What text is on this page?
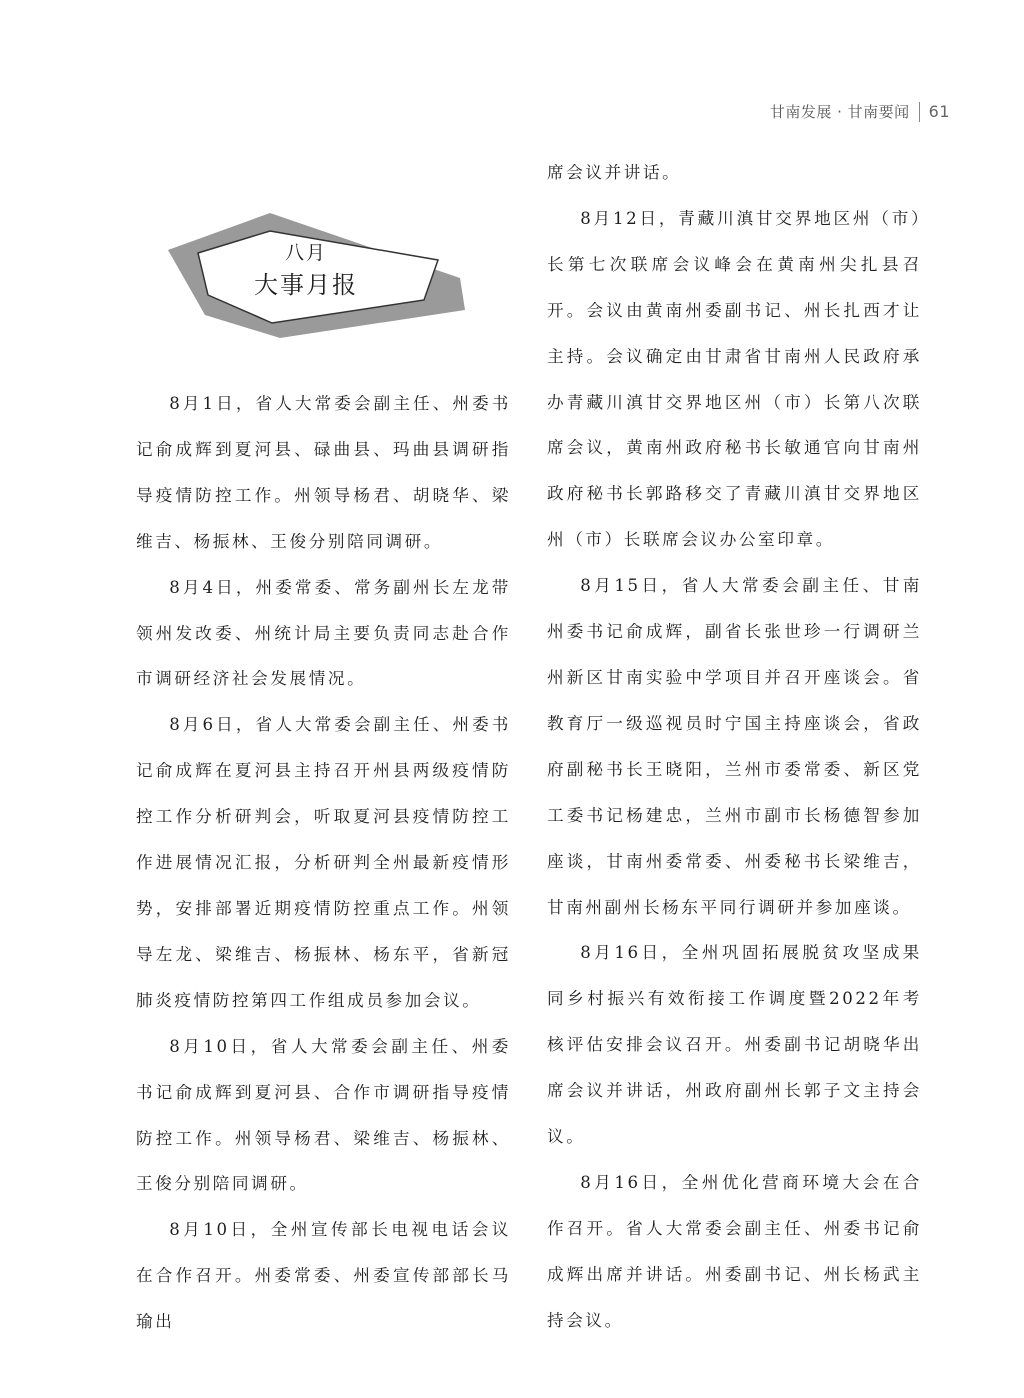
甘南发展 · 甘南要闻 61
八月
大事月报

8月1日，省人大常委会副主任、州委书记俞成辉到夏河县、碌曲县、玛曲县调研指导疫情防控工作。州领导杨君、胡晓华、梁维吉、杨振林、王俊分别陪同调研。

8月4日，州委常委、常务副州长左龙带领州发改委、州统计局主要负责同志赴合作市调研经济社会发展情况。

8月6日，省人大常委会副主任、州委书记俞成辉在夏河县主持召开州县两级疫情防控工作分析研判会，听取夏河县疫情防控工作进展情况汇报，分析研判全州最新疫情形势，安排部署近期疫情防控重点工作。州领导左龙、梁维吉、杨振林、杨东平，省新冠肺炎疫情防控第四工作组成员参加会议。

8月10日，省人大常委会副主任、州委书记俞成辉到夏河县、合作市调研指导疫情防控工作。州领导杨君、梁维吉、杨振林、王俊分别陪同调研。

8月10日，全州宣传部长电视电话会议在合作召开。州委常委、州委宣传部部长马瑜出

席会议并讲话。

8月12日，青藏川滇甘交界地区州（市）长第七次联席会议峰会在黄南州尖扎县召开。会议由黄南州委副书记、州长扎西才让主持。会议确定由甘肃省甘南州人民政府承办青藏川滇甘交界地区州（市）长第八次联席会议，黄南州政府秘书长敏通官向甘南州政府秘书长郭路移交了青藏川滇甘交界地区州（市）长联席会议办公室印章。

8月15日，省人大常委会副主任、甘南州委书记俞成辉，副省长张世珍一行调研兰州新区甘南实验中学项目并召开座谈会。省教育厅一级巡视员时宁国主持座谈会，省政府副秘书长王晓阳，兰州市委常委、新区党工委书记杨建忠，兰州市副市长杨德智参加座谈，甘南州委常委、州委秘书长梁维吉，甘南州副州长杨东平同行调研并参加座谈。

8月16日，全州巩固拓展脱贫攻坚成果同乡村振兴有效衔接工作调度暨2022年考核评估安排会议召开。州委副书记胡晓华出席会议并讲话，州政府副州长郭子文主持会议。

8月16日，全州优化营商环境大会在合作召开。省人大常委会副主任、州委书记俞成辉出席并讲话。州委副书记、州长杨武主持会议。
